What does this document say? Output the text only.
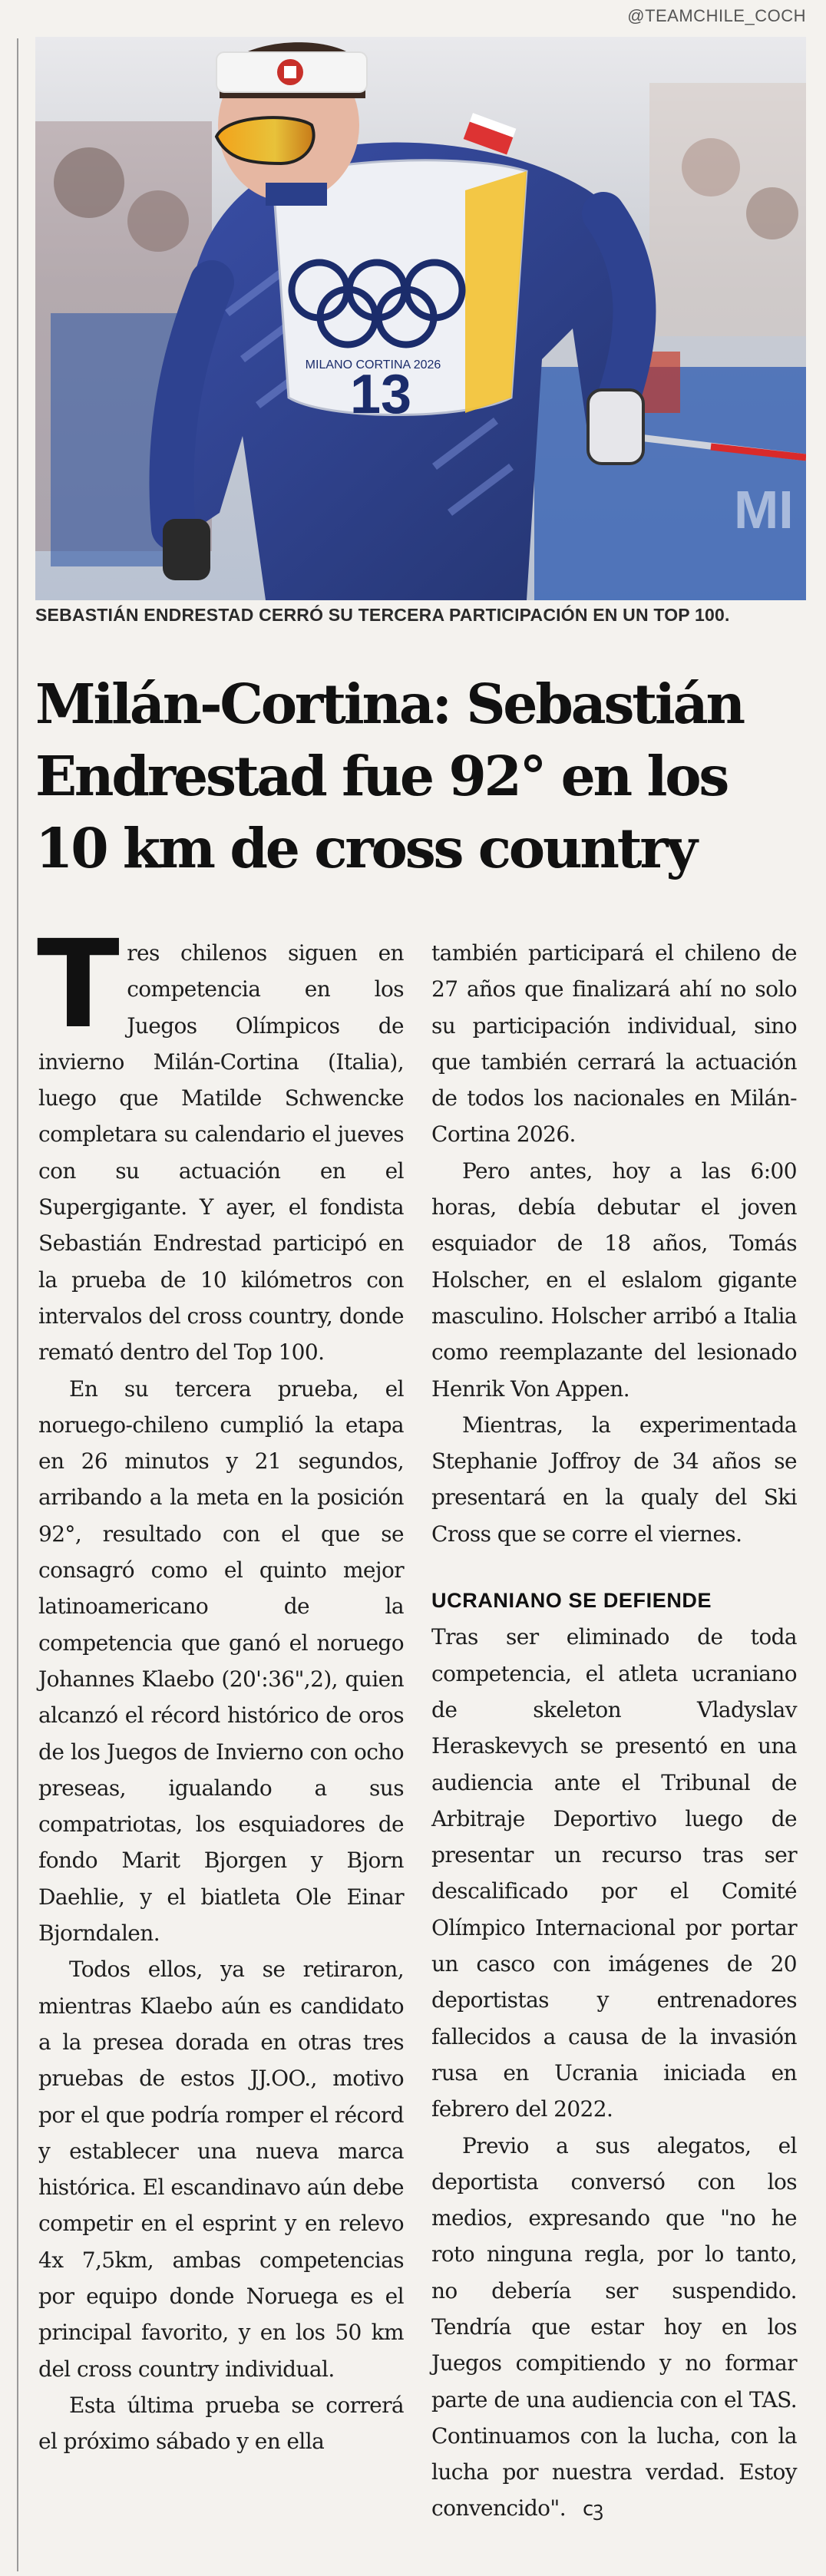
@TEAMCHILE_COCH
MI
MILANO CORTINA 2026
13
SEBASTIÁN ENDRESTAD CERRÓ SU TERCERA PARTICIPACIÓN EN UN TOP 100.
Milán-Cortina: Sebastián Endrestad fue 92° en los 10 km de cross country

Tres chilenos siguen en competencia en los Juegos Olímpicos de invierno Milán-Cortina (Italia), luego que Matilde Schwencke completara su calendario el jueves con su actuación en el Supergigante. Y ayer, el fondista Sebastián Endrestad participó en la prueba de 10 kilómetros con intervalos del cross country, donde remató dentro del Top 100.

En su tercera prueba, el noruego-chileno cumplió la etapa en 26 minutos y 21 segundos, arribando a la meta en la posición 92°, resultado con el que se consagró como el quinto mejor latinoamericano de la competencia que ganó el noruego Johannes Klaebo (20':36",2), quien alcanzó el récord histórico de oros de los Juegos de Invierno con ocho preseas, igualando a sus compatriotas, los esquiadores de fondo Marit Bjorgen y Bjorn Daehlie, y el biatleta Ole Einar Bjorndalen.

Todos ellos, ya se retiraron, mientras Klaebo aún es candidato a la presea dorada en otras tres pruebas de estos JJ.OO., motivo por el que podría romper el récord y establecer una nueva marca histórica. El escandinavo aún debe competir en el esprint y en relevo 4x 7,5km, ambas competencias por equipo donde Noruega es el principal favorito, y en los 50 km del cross country individual.

Esta última prueba se correrá el próximo sábado y en ella

también participará el chileno de 27 años que finalizará ahí no solo su participación individual, sino que también cerrará la actuación de todos los nacionales en Milán-Cortina 2026.

Pero antes, hoy a las 6:00 horas, debía debutar el joven esquiador de 18 años, Tomás Holscher, en el eslalom gigante masculino. Holscher arribó a Italia como reemplazante del lesionado Henrik Von Appen.

Mientras, la experimentada Stephanie Joffroy de 34 años se presentará en la qualy del Ski Cross que se corre el viernes.

UCRANIANO SE DEFIENDE

Tras ser eliminado de toda competencia, el atleta ucraniano de skeleton Vladyslav Heraskevych se presentó en una audiencia ante el Tribunal de Arbitraje Deportivo luego de presentar un recurso tras ser descalificado por el Comité Olímpico Internacional por portar un casco con imágenes de 20 deportistas y entrenadores fallecidos a causa de la invasión rusa en Ucrania iniciada en febrero del 2022.

Previo a sus alegatos, el deportista conversó con los medios, expresando que "no he roto ninguna regla, por lo tanto, no debería ser suspendido. Tendría que estar hoy en los Juegos compitiendo y no formar parte de una audiencia con el TAS. Continuamos con la lucha, con la lucha por nuestra verdad. Estoy convencido". ᴄꝫ
